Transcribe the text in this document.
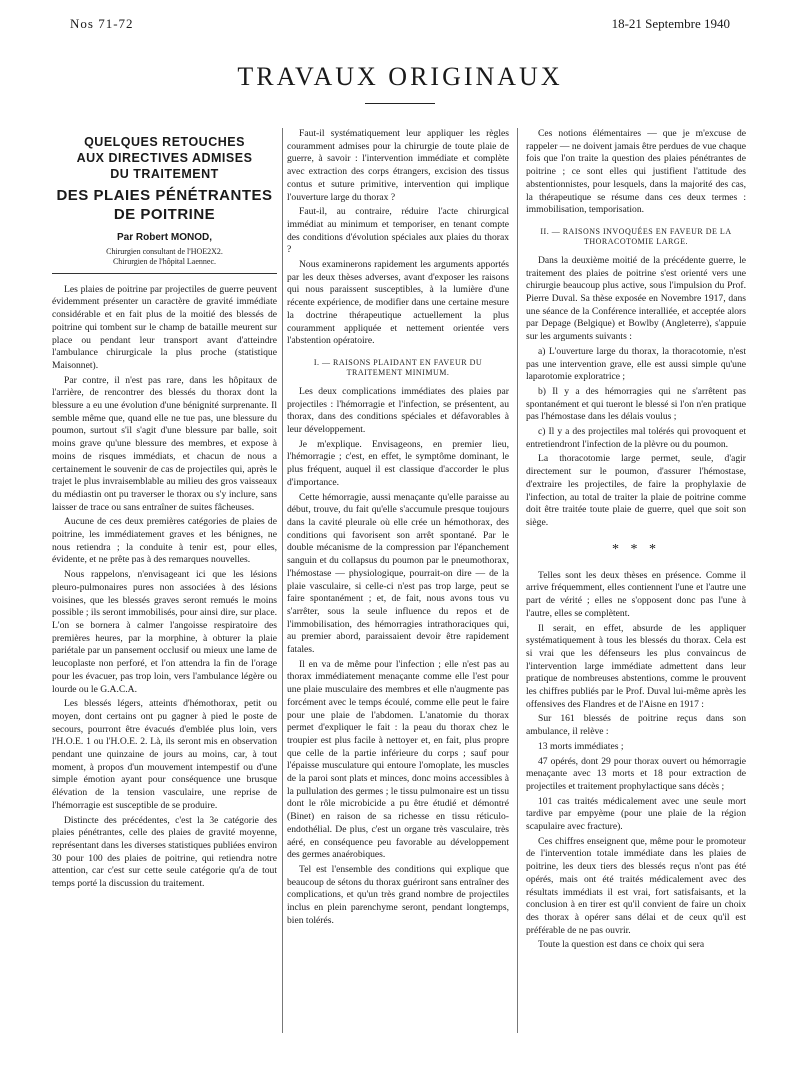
Nos 71-72	18-21 Septembre 1940
TRAVAUX ORIGINAUX
QUELQUES RETOUCHES
AUX DIRECTIVES ADMISES
DU TRAITEMENT
DES PLAIES PÉNÉTRANTES
DE POITRINE
Par Robert MONOD,
Chirurgien consultant de l'HOE2X2.
Chirurgien de l'hôpital Laennec.

Les plaies de poitrine par projectiles de guerre peuvent évidemment présenter un caractère de gravité immédiate considérable et en fait plus de la moitié des blessés de poitrine qui tombent sur le champ de bataille meurent sur place ou pendant leur transport avant d'atteindre l'ambulance chirurgicale la plus proche (statistique Maisonnet).

Par contre, il n'est pas rare, dans les hôpitaux de l'arrière, de rencontrer des blessés du thorax dont la blessure a eu une évolution d'une bénignité surprenante. Il semble même que, quand elle ne tue pas, une blessure du poumon, surtout s'il s'agit d'une blessure par balle, soit moins grave qu'une blessure des membres, et expose à moins de risques immédiats, et chacun de nous a certainement le souvenir de cas de projectiles qui, après le trajet le plus invraisemblable au milieu des gros vaisseaux du médiastin ont pu traverser le thorax ou s'y inclure, sans laisser de trace ou sans entraîner de suites fâcheuses.

Aucune de ces deux premières catégories de plaies de poitrine, les immédiatement graves et les bénignes, ne nous retiendra ; la conduite à tenir est, pour elles, évidente, et ne prête pas à des remarques nouvelles.

Nous rappelons, n'envisageant ici que les lésions pleuro-pulmonaires pures non associées à des lésions voisines, que les blessés graves seront remués le moins possible ; ils seront immobilisés, pour ainsi dire, sur place. L'on se bornera à calmer l'angoisse respiratoire des premières heures, par la morphine, à obturer la plaie pariétale par un pansement occlusif ou mieux une lame de leucoplaste non perforé, et l'on attendra la fin de l'orage pour les évacuer, pas trop loin, vers l'ambulance légère ou lourde ou le G.A.C.A.

Les blessés légers, atteints d'hémothorax, petit ou moyen, dont certains ont pu gagner à pied le poste de secours, pourront être évacués d'emblée plus loin, vers l'H.O.E. 1 ou l'H.O.E. 2. Là, ils seront mis en observation pendant une quinzaine de jours au moins, car, à tout moment, à propos d'un mouvement intempestif ou d'une simple émotion ayant pour conséquence une brusque élévation de la tension vasculaire, une reprise de l'hémorragie est susceptible de se produire.

Distincte des précédentes, c'est la 3e catégorie des plaies pénétrantes, celle des plaies de gravité moyenne, représentant dans les diverses statistiques publiées environ 30 pour 100 des plaies de poitrine, qui retiendra notre attention, car c'est sur cette seule catégorie qu'a de tout temps porté la discussion du traitement.

Faut-il systématiquement leur appliquer les règles couramment admises pour la chirurgie de toute plaie de guerre, à savoir : l'intervention immédiate et complète avec extraction des corps étrangers, excision des tissus contus et suture primitive, intervention qui implique l'ouverture large du thorax ?

Faut-il, au contraire, réduire l'acte chirurgical immédiat au minimum et temporiser, en tenant compte des conditions d'évolution spéciales aux plaies du thorax ?

Nous examinerons rapidement les arguments apportés par les deux thèses adverses, avant d'exposer les raisons qui nous paraissent susceptibles, à la lumière d'une récente expérience, de modifier dans une certaine mesure la doctrine thérapeutique actuellement la plus couramment appliquée et nettement orientée vers l'abstention opératoire.

I. — RAISONS PLAIDANT EN FAVEUR DU TRAITEMENT MINIMUM.

Les deux complications immédiates des plaies par projectiles : l'hémorragie et l'infection, se présentent, au thorax, dans des conditions spéciales et défavorables à leur développement.

Je m'explique. Envisageons, en premier lieu, l'hémorragie ; c'est, en effet, le symptôme dominant, le plus fréquent, auquel il est classique d'accorder le plus d'importance.

Cette hémorragie, aussi menaçante qu'elle paraisse au début, trouve, du fait qu'elle s'accumule presque toujours dans la cavité pleurale où elle crée un hémothorax, des conditions qui favorisent son arrêt spontané. Par le double mécanisme de la compression par l'épanchement sanguin et du collapsus du poumon par le pneumothorax, l'hémostase — physiologique, pourrait-on dire — de la plaie vasculaire, si celle-ci n'est pas trop large, peut se faire spontanément ; et, de fait, nous avons tous vu s'arrêter, sous la seule influence du repos et de l'immobilisation, des hémorragies intrathoraciques qui, au premier abord, paraissaient devoir être rapidement fatales.

Il en va de même pour l'infection ; elle n'est pas au thorax immédiatement menaçante comme elle l'est pour une plaie musculaire des membres et elle n'augmente pas forcément avec le temps écoulé, comme elle peut le faire pour une plaie de l'abdomen. L'anatomie du thorax permet d'expliquer le fait : la peau du thorax chez le troupier est plus facile à nettoyer et, en fait, plus propre que celle de la partie inférieure du corps ; sauf pour l'épaisse musculature qui entoure l'omoplate, les muscles de la paroi sont plats et minces, donc moins accessibles à la pullulation des germes ; le tissu pulmonaire est un tissu dont le rôle microbicide a pu être étudié et démontré (Binet) en raison de sa richesse en tissu réticulo-endothélial. De plus, c'est un organe très vasculaire, très aéré, en conséquence peu favorable au développement des germes anaérobiques.

Tel est l'ensemble des conditions qui explique que beaucoup de sétons du thorax guériront sans entraîner des complications, et qu'un très grand nombre de projectiles inclus en plein parenchyme seront, pendant longtemps, bien tolérés.

Ces notions élémentaires — que je m'excuse de rappeler — ne doivent jamais être perdues de vue chaque fois que l'on traite la question des plaies pénétrantes de poitrine ; ce sont elles qui justifient l'attitude des abstentionnistes, pour lesquels, dans la majorité des cas, la thérapeutique se résume dans ces deux termes : immobilisation, temporisation.

II. — RAISONS INVOQUÉES EN FAVEUR DE LA THORACOTOMIE LARGE.

Dans la deuxième moitié de la précédente guerre, le traitement des plaies de poitrine s'est orienté vers une chirurgie beaucoup plus active, sous l'impulsion du Prof. Pierre Duval. Sa thèse exposée en Novembre 1917, dans une séance de la Conférence interalliée, et acceptée alors par Depage (Belgique) et Bowlby (Angleterre), s'appuie sur les arguments suivants :

a) L'ouverture large du thorax, la thoracotomie, n'est pas une intervention grave, elle est aussi simple qu'une laparotomie exploratrice ;

b) Il y a des hémorragies qui ne s'arrêtent pas spontanément et qui tueront le blessé si l'on n'en pratique pas l'hémostase dans les délais voulus ;

c) Il y a des projectiles mal tolérés qui provoquent et entretiendront l'infection de la plèvre ou du poumon.

La thoracotomie large permet, seule, d'agir directement sur le poumon, d'assurer l'hémostase, d'extraire les projectiles, de faire la prophylaxie de l'infection, au total de traiter la plaie de poitrine comme doit être traitée toute plaie de guerre, quel que soit son siège.

* * *

Telles sont les deux thèses en présence. Comme il arrive fréquemment, elles contiennent l'une et l'autre une part de vérité ; elles ne s'opposent donc pas l'une à l'autre, elles se complètent.

Il serait, en effet, absurde de les appliquer systématiquement à tous les blessés du thorax. Cela est si vrai que les défenseurs les plus convaincus de l'intervention large immédiate admettent dans leur pratique de nombreuses abstentions, comme le prouvent les chiffres publiés par le Prof. Duval lui-même après les offensives des Flandres et de l'Aisne en 1917 :

Sur 161 blessés de poitrine reçus dans son ambulance, il relève :

13 morts immédiates ;

47 opérés, dont 29 pour thorax ouvert ou hémorragie menaçante avec 13 morts et 18 pour extraction de projectiles et traitement prophylactique sans décès ;

101 cas traités médicalement avec une seule mort tardive par empyème (pour une plaie de la région scapulaire avec fracture).

Ces chiffres enseignent que, même pour le promoteur de l'intervention totale immédiate dans les plaies de poitrine, les deux tiers des blessés reçus n'ont pas été opérés, mais ont été traités médicalement avec des résultats immédiats il est vrai, fort satisfaisants, et la conclusion à en tirer est qu'il convient de faire un choix des thorax à opérer sans délai et de ceux qu'il est préférable de ne pas ouvrir.

Toute la question est dans ce choix qui sera
